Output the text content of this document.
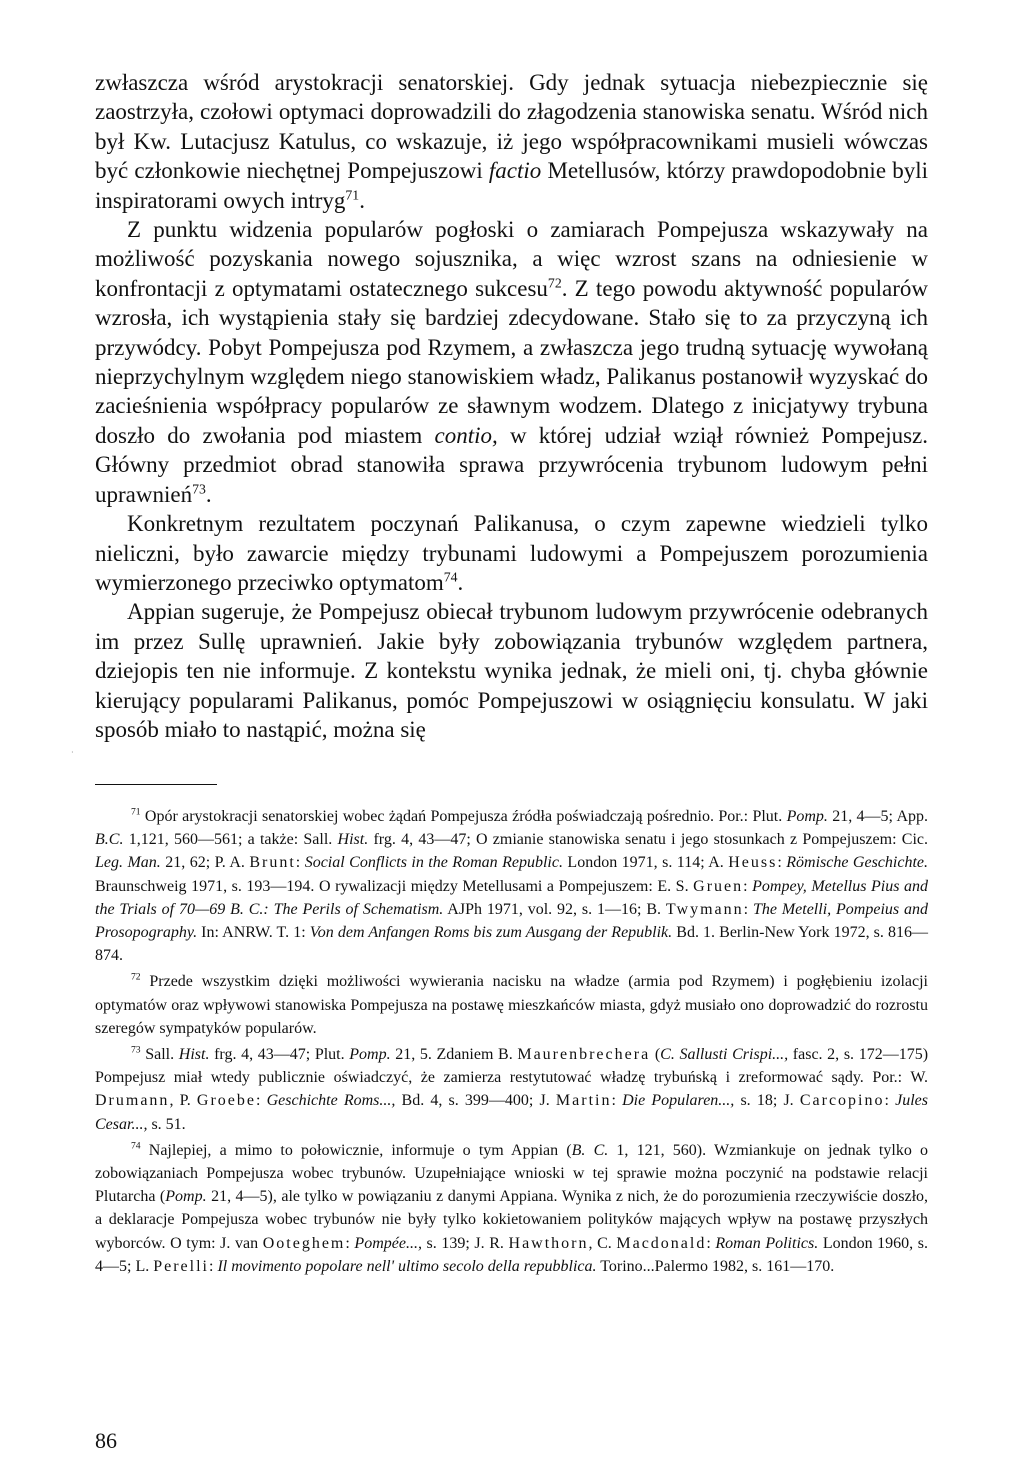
zwłaszcza wśród arystokracji senatorskiej. Gdy jednak sytuacja niebezpiecznie się zaostrzyła, czołowi optymaci doprowadzili do złagodzenia stanowiska senatu. Wśród nich był Kw. Lutacjusz Katulus, co wskazuje, iż jego współpracownikami musieli wówczas być członkowie niechętnej Pompejuszowi factio Metellusów, którzy prawdopodobnie byli inspiratorami owych intryg$^{71}$.

Z punktu widzenia popularów pogłoski o zamiarach Pompejusza wskazywały na możliwość pozyskania nowego sojusznika, a więc wzrost szans na odniesienie w konfrontacji z optymatami ostatecznego sukcesu$^{72}$. Z tego powodu aktywność popularów wzrosła, ich wystąpienia stały się bardziej zdecydowane. Stało się to za przyczyną ich przywódcy. Pobyt Pompejusza pod Rzymem, a zwłaszcza jego trudną sytuację wywołaną nieprzychylnym względem niego stanowiskiem władz, Palikanus postanowił wyzyskać do zacieśnienia współpracy popularów ze sławnym wodzem. Dlatego z inicjatywy trybuna doszło do zwołania pod miastem contio, w której udział wziął również Pompejusz. Główny przedmiot obrad stanowiła sprawa przywrócenia trybunom ludowym pełni uprawnień$^{73}$.

Konkretnym rezultatem poczynań Palikanusa, o czym zapewne wiedzieli tylko nieliczni, było zawarcie między trybunami ludowymi a Pompejuszem porozumienia wymierzonego przeciwko optymatom$^{74}$.

Appian sugeruje, że Pompejusz obiecał trybunom ludowym przywrócenie odebranych im przez Sullę uprawnień. Jakie były zobowiązania trybunów względem partnera, dziejopis ten nie informuje. Z kontekstu wynika jednak, że mieli oni, tj. chyba głównie kierujący popularami Palikanus, pomóc Pompejuszowi w osiągnięciu konsulatu. W jaki sposób miało to nastąpić, można się

·

$^{71}$ Opór arystokracji senatorskiej wobec żądań Pompejusza źródła poświadczają pośrednio. Por.: Plut. Pomp. 21, 4—5; App. B.C. 1,121, 560—561; a także: Sall. Hist. frg. 4, 43—47; O zmianie stanowiska senatu i jego stosunkach z Pompejuszem: Cic. Leg. Man. 21, 62; P. A. Brunt: Social Conflicts in the Roman Republic. London 1971, s. 114; A. Heuss: Römische Geschichte. Braunschweig 1971, s. 193—194. O rywalizacji między Metellusami a Pompejuszem: E. S. Gruen: Pompey, Metellus Pius and the Trials of 70—69 B. C.: The Perils of Schematism. AJPh 1971, vol. 92, s. 1—16; B. Twymann: The Metelli, Pompeius and Prosopography. In: ANRW. T. 1: Von dem Anfangen Roms bis zum Ausgang der Republik. Bd. 1. Berlin-New York 1972, s. 816—874.

$^{72}$ Przede wszystkim dzięki możliwości wywierania nacisku na władze (armia pod Rzymem) i pogłębieniu izolacji optymatów oraz wpływowi stanowiska Pompejusza na postawę mieszkańców miasta, gdyż musiało ono doprowadzić do rozrostu szeregów sympatyków popularów.

$^{73}$ Sall. Hist. frg. 4, 43—47; Plut. Pomp. 21, 5. Zdaniem B. Maurenbrechera (C. Sallusti Crispi..., fasc. 2, s. 172—175) Pompejusz miał wtedy publicznie oświadczyć, że zamierza restytutować władzę trybuńską i zreformować sądy. Por.: W. Drumann, P. Groebe: Geschichte Roms..., Bd. 4, s. 399—400; J. Martin: Die Popularen..., s. 18; J. Carcopino: Jules Cesar..., s. 51.

$^{74}$ Najlepiej, a mimo to połowicznie, informuje o tym Appian (B. C. 1, 121, 560). Wzmiankuje on jednak tylko o zobowiązaniach Pompejusza wobec trybunów. Uzupełniające wnioski w tej sprawie można poczynić na podstawie relacji Plutarcha (Pomp. 21, 4—5), ale tylko w powiązaniu z danymi Appiana. Wynika z nich, że do porozumienia rzeczywiście doszło, a deklaracje Pompejusza wobec trybunów nie były tylko kokietowaniem polityków mających wpływ na postawę przyszłych wyborców. O tym: J. van Ooteghem: Pompée..., s. 139; J. R. Hawthorn, C. Macdonald: Roman Politics. London 1960, s. 4—5; L. Perelli: Il movimento popolare nell' ultimo secolo della repubblica. Torino...Palermo 1982, s. 161—170.

86
